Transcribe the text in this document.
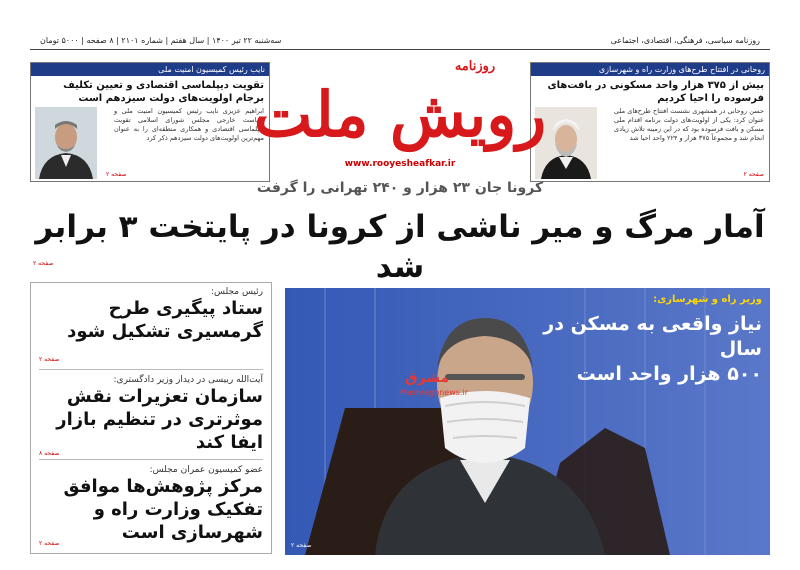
روزنامه سیاسی، فرهنگی، اقتصادی، اجتماعی
سه‌شنبه ۲۲ تیر ۱۴۰۰ | سال هفتم | شماره ۲۱۰۱ | ۸ صفحه | ۵۰۰۰ تومان
روحانی در افتتاح طرح‌های وزارت راه و شهرسازی
بیش از ۳۷۵ هزار واحد مسکونی در بافت‌های فرسوده را احیا کردیم
حسن روحانی در همشهری نشست افتتاح طرح‌های ملی عنوان کرد: یکی از اولویت‌های دولت برنامه اقدام ملی مسکن و بافت فرسوده بود که در این زمینه تلاش زیادی انجام شد و مجموعاً ۳۷۵ هزار و ۲۲۴ واحد احیا شد
صفحه ۲
نایب رئیس کمیسیون امنیت ملی
تقویت دیپلماسی اقتصادی و تعیین تکلیف برجام اولویت‌های دولت سیزدهم است
ابراهیم عزیزی نایب رئیس کمیسیون امنیت ملی و سیاست خارجی مجلس شورای اسلامی تقویت دیپلماسی اقتصادی و همکاری منطقه‌ای را به عنوان مهم‌ترین اولویت‌های دولت سیزدهم ذکر کرد
صفحه ۲
رویش ملت
روزنامه
www.rooyesheafkar.ir
کرونا جان ۲۳ هزار و ۲۴۰ تهرانی را گرفت
آمار مرگ و میر ناشی از کرونا در پایتخت ۳ برابر شد
صفحه ۲
وزیر راه و شهرسازی:
نیاز واقعی به مسکن در سال
۵۰۰ هزار واحد است
مشرق
Mashreghnews.ir
صفحه ۲
رئیس مجلس:
ستاد پیگیری طرح گرمسیری تشکیل شود
صفحه ۲
آیت‌الله رییسی در دیدار وزیر دادگستری:
سازمان تعزیرات نقش موثرتری در تنظیم بازار ایفا کند
صفحه ۸
عضو کمیسیون عمران مجلس:
مرکز پژوهش‌ها موافق تفکیک وزارت راه و شهرسازی است
صفحه ۲
